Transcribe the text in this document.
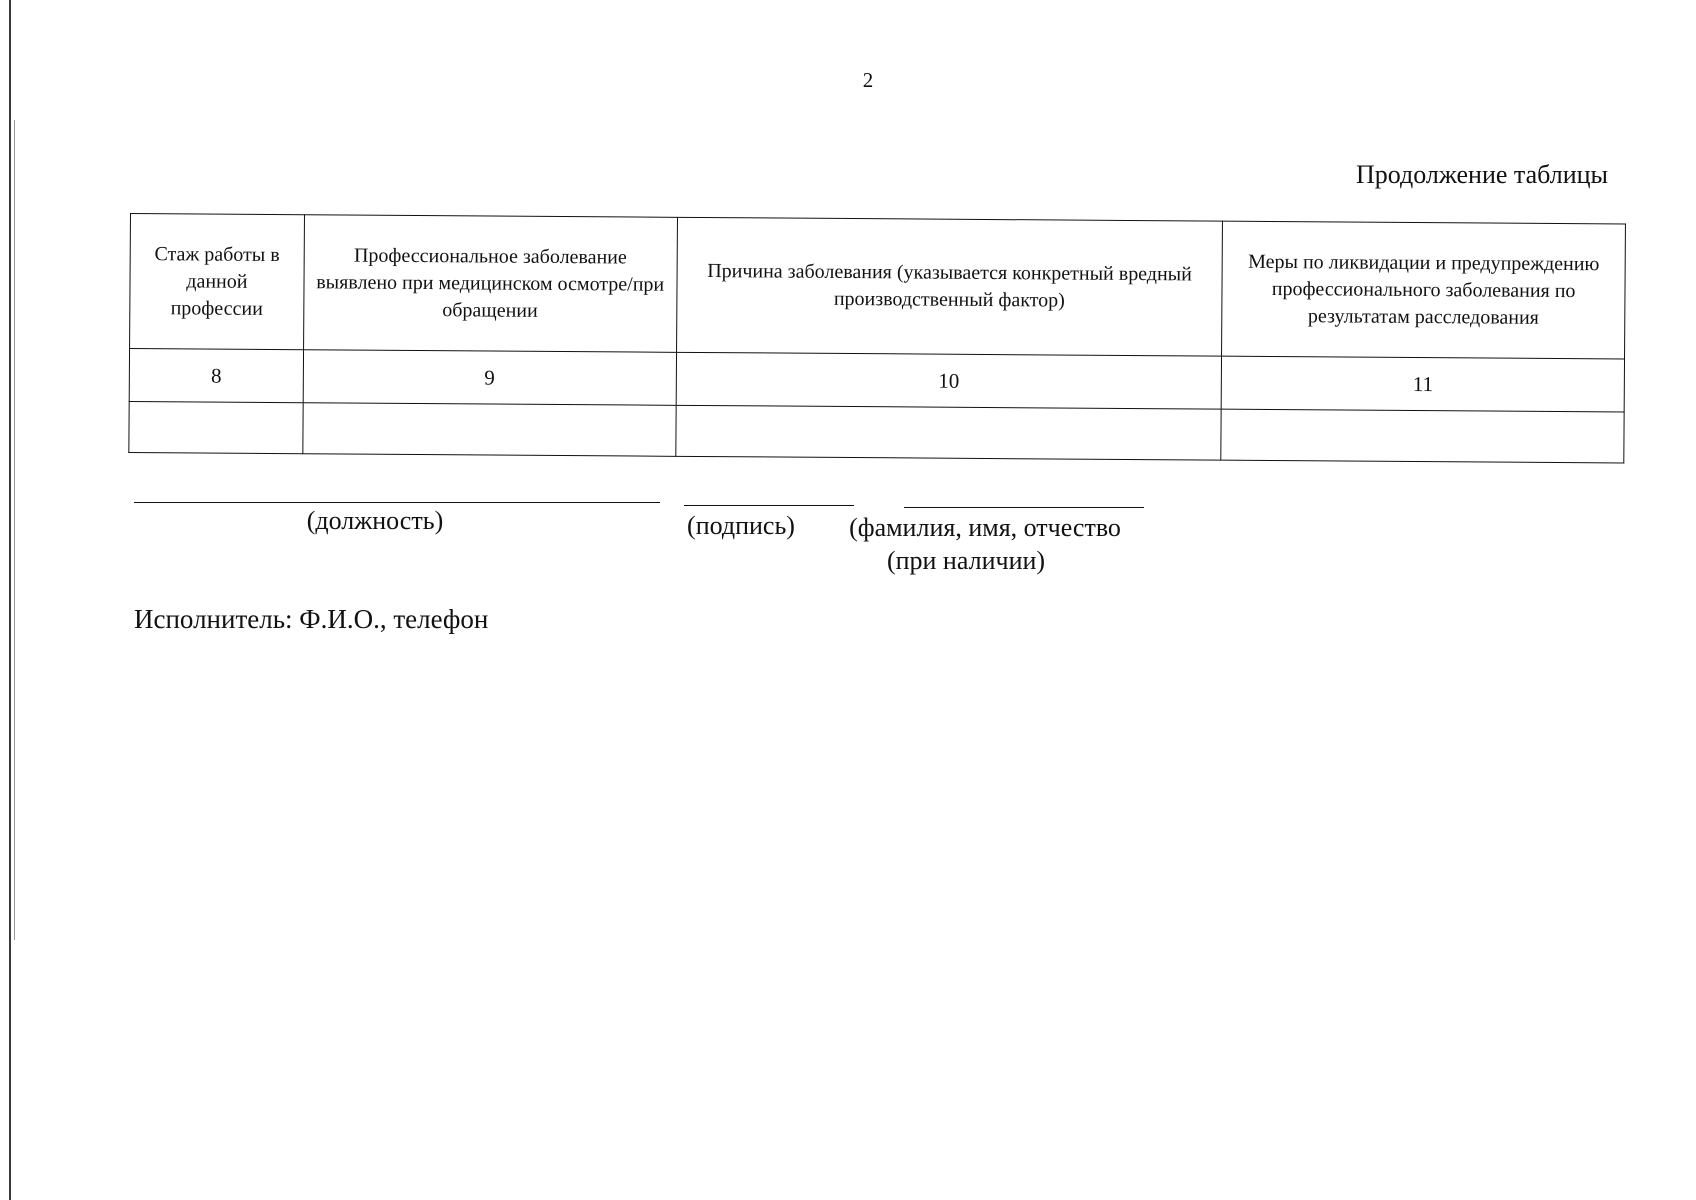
2
Продолжение таблицы
Стаж работы в данной профессии	Профессиональное заболевание выявлено при медицинском осмотре/при обращении	Причина заболевания (указывается конкретный вредный производственный фактор)	Меры по ликвидации и предупреждению профессионального заболевания по результатам расследования
8	9	10	11

(должность)	(подпись)	(фамилия, имя, отчество
(при наличии)
Исполнитель: Ф.И.О., телефон
